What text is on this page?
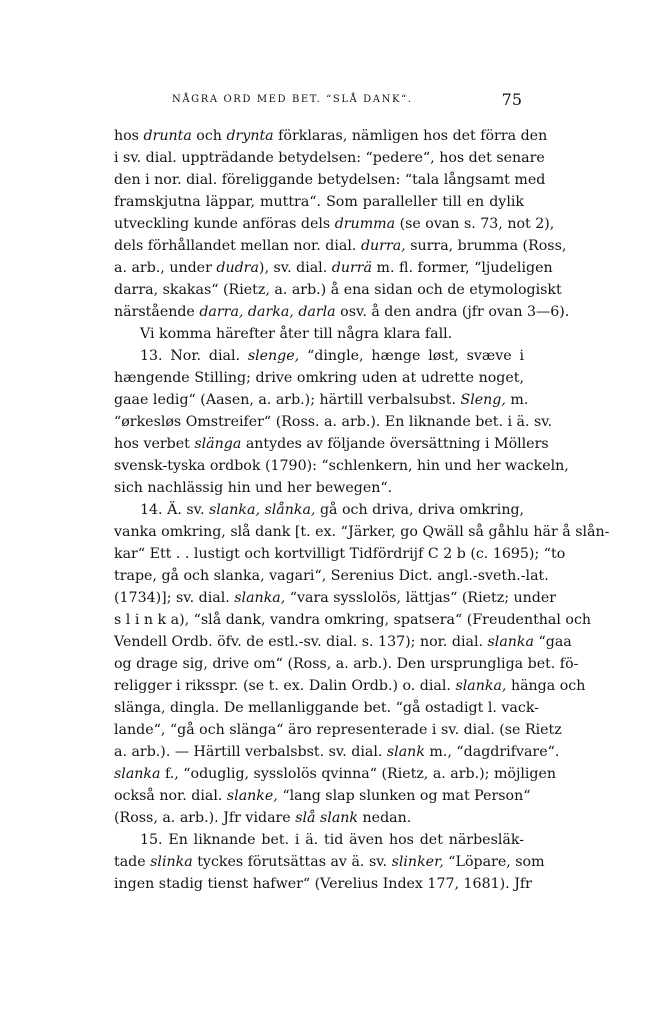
NÅGRA ORD MED BET. “SLÅ DANK“.	75
hos drunta och drynta förklaras, nämligen hos det förra den
i sv. dial. uppträdande betydelsen: “pedere“, hos det senare
den i nor. dial. föreliggande betydelsen: “tala långsamt med
framskjutna läppar, muttra“. Som paralleller till en dylik
utveckling kunde anföras dels drumma (se ovan s. 73, not 2),
dels förhållandet mellan nor. dial. durra, surra, brumma (Ross,
a. arb., under dudra), sv. dial. durrä m. fl. former, “ljudeligen
darra, skakas“ (Rietz, a. arb.) å ena sidan och de etymologiskt
närstående darra, darka, darla osv. å den andra (jfr ovan 3—6).
Vi komma härefter åter till några klara fall.
13. Nor. dial. slenge, “dingle, hænge løst, svæve i
hængende Stilling; drive omkring uden at udrette noget,
gaae ledig“ (Aasen, a. arb.); härtill verbalsubst. Sleng, m.
“ørkesløs Omstreifer“ (Ross. a. arb.). En liknande bet. i ä. sv.
hos verbet slänga antydes av följande översättning i Möllers
svensk-tyska ordbok (1790): “schlenkern, hin und her wackeln,
sich nachlässig hin und her bewegen“.
14. Ä. sv. slanka, slånka, gå och driva, driva omkring,
vanka omkring, slå dank [t. ex. “Järker, go Qwäll så gåhlu här å slån-
kar“ Ett . . lustigt och kortvilligt Tidfördrijf C 2 b (c. 1695); “to
trape, gå och slanka, vagari“, Serenius Dict. angl.-sveth.-lat.
(1734)]; sv. dial. slanka, “vara sysslolös, lättjas“ (Rietz; under
s l i n k a), “slå dank, vandra omkring, spatsera“ (Freudenthal och
Vendell Ordb. öfv. de estl.-sv. dial. s. 137); nor. dial. slanka “gaa
og drage sig, drive om“ (Ross, a. arb.). Den ursprungliga bet. fö-
religger i riksspr. (se t. ex. Dalin Ordb.) o. dial. slanka, hänga och
slänga, dingla. De mellanliggande bet. “gå ostadigt l. vack-
lande“, “gå och slänga“ äro representerade i sv. dial. (se Rietz
a. arb.). — Härtill verbalsbst. sv. dial. slank m., “dagdrifvare“.
slanka f., “oduglig, sysslolös qvinna“ (Rietz, a. arb.); möjligen
också nor. dial. slanke, “lang slap slunken og mat Person“
(Ross, a. arb.). Jfr vidare slå slank nedan.
15. En liknande bet. i ä. tid även hos det närbesläk-
tade slinka tyckes förutsättas av ä. sv. slinker, “Löpare, som
ingen stadig tienst hafwer“ (Verelius Index 177, 1681). Jfr
